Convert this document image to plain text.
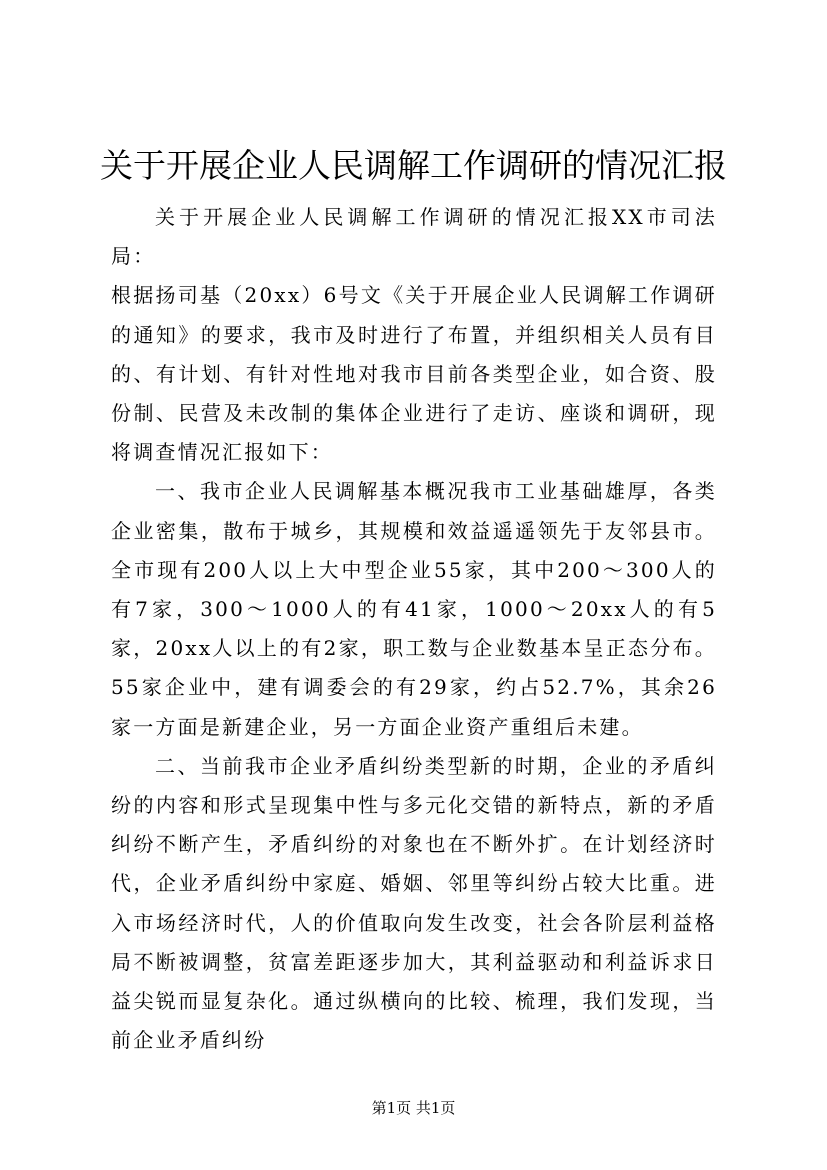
关于开展企业人民调解工作调研的情况汇报

关于开展企业人民调解工作调研的情况汇报XX市司法局：

根据扬司基（20xx）6号文《关于开展企业人民调解工作调研的通知》的要求，我市及时进行了布置，并组织相关人员有目的、有计划、有针对性地对我市目前各类型企业，如合资、股份制、民营及未改制的集体企业进行了走访、座谈和调研，现将调查情况汇报如下：

一、我市企业人民调解基本概况我市工业基础雄厚，各类企业密集，散布于城乡，其规模和效益遥遥领先于友邻县市。全市现有200人以上大中型企业55家，其中200～300人的有7家，300～1000人的有41家，1000～20xx人的有5家，20xx人以上的有2家，职工数与企业数基本呈正态分布。55家企业中，建有调委会的有29家，约占52.7%，其余26家一方面是新建企业，另一方面企业资产重组后未建。

二、当前我市企业矛盾纠纷类型新的时期，企业的矛盾纠纷的内容和形式呈现集中性与多元化交错的新特点，新的矛盾纠纷不断产生，矛盾纠纷的对象也在不断外扩。在计划经济时代，企业矛盾纠纷中家庭、婚姻、邻里等纠纷占较大比重。进入市场经济时代，人的价值取向发生改变，社会各阶层利益格局不断被调整，贫富差距逐步加大，其利益驱动和利益诉求日益尖锐而显复杂化。通过纵横向的比较、梳理，我们发现，当前企业矛盾纠纷

第1页 共1页
